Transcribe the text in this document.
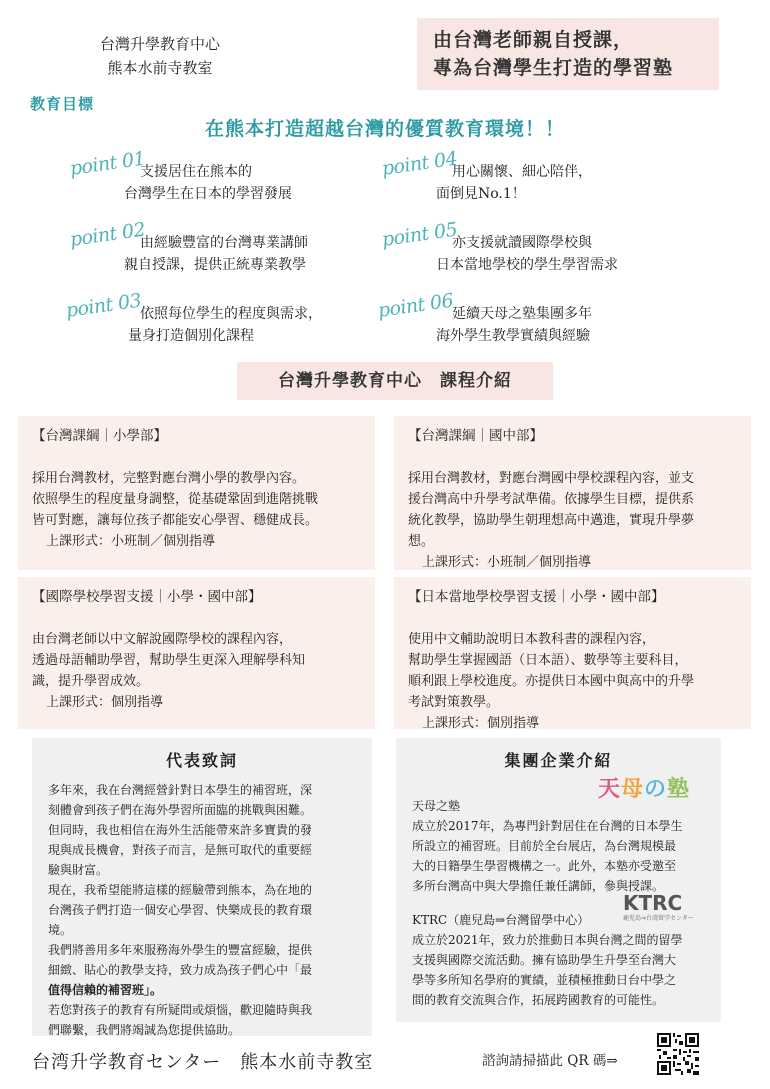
台灣升學教育中心
熊本水前寺教室
由台灣老師親自授課，
專為台灣學生打造的學習塾
教育目標
在熊本打造超越台灣的優質教育環境！！
point 01
支援居住在熊本的
台灣學生在日本的學習發展
point 02
由經驗豐富的台灣專業講師
親自授課，提供正統專業教學
point 03
依照每位學生的程度與需求，
量身打造個別化課程
point 04
用心關懷、細心陪伴，
面倒見No.1！
point 05
亦支援就讀國際學校與
日本當地學校的學生學習需求
point 06
延續天母之塾集團多年
海外學生教學實績與經驗
台灣升學教育中心　課程介紹
【台灣課綱｜小學部】
採用台灣教材，完整對應台灣小學的教學內容。
依照學生的程度量身調整，從基礎鞏固到進階挑戰
皆可對應，讓每位孩子都能安心學習、穩健成長。
上課形式：小班制／個別指導
【台灣課綱｜國中部】
採用台灣教材，對應台灣國中學校課程內容，並支
援台灣高中升學考試準備。依據學生目標，提供系
統化教學，協助學生朝理想高中邁進，實現升學夢
想。
上課形式：小班制／個別指導
【國際學校學習支援｜小學・國中部】
由台灣老師以中文解說國際學校的課程內容，
透過母語輔助學習，幫助學生更深入理解學科知
識，提升學習成效。
上課形式：個別指導
【日本當地學校學習支援｜小學・國中部】
使用中文輔助說明日本教科書的課程內容，
幫助學生掌握國語（日本語）、數學等主要科目，
順利跟上學校進度。亦提供日本國中與高中的升學
考試對策教學。
上課形式：個別指導
代表致詞
多年來，我在台灣經營針對日本學生的補習班，深
刻體會到孩子們在海外學習所面臨的挑戰與困難。
但同時，我也相信在海外生活能帶來許多寶貴的發
現與成長機會，對孩子而言，是無可取代的重要經
驗與財富。
現在，我希望能將這樣的經驗帶到熊本，為在地的
台灣孩子們打造一個安心學習、快樂成長的教育環
境。
我們將善用多年來服務海外學生的豐富經驗，提供
細緻、貼心的教學支持，致力成為孩子們心中「最
值得信賴的補習班」。
若您對孩子的教育有所疑問或煩惱，歡迎隨時與我
們聯繫，我們將竭誠為您提供協助。
集團企業介紹
天母之塾
成立於2017年，為專門針對居住在台灣的日本學生
所設立的補習班。目前於全台展店，為台灣規模最
大的日籍學生學習機構之一。此外，本塾亦受邀至
多所台灣高中與大學擔任兼任講師，參與授課。
KTRC（鹿兒島⇒台灣留學中心）
成立於2021年，致力於推動日本與台灣之間的留學
支援與國際交流活動。擁有協助學生升學至台灣大
學等多所知名學府的實績，並積極推動日台中學之
間的教育交流與合作，拓展跨國教育的可能性。
天母の塾
KTRC
鹿児島⇒台湾留学センター
台湾升学教育センター　熊本水前寺教室	諮詢請掃描此 QR 碼⇒
